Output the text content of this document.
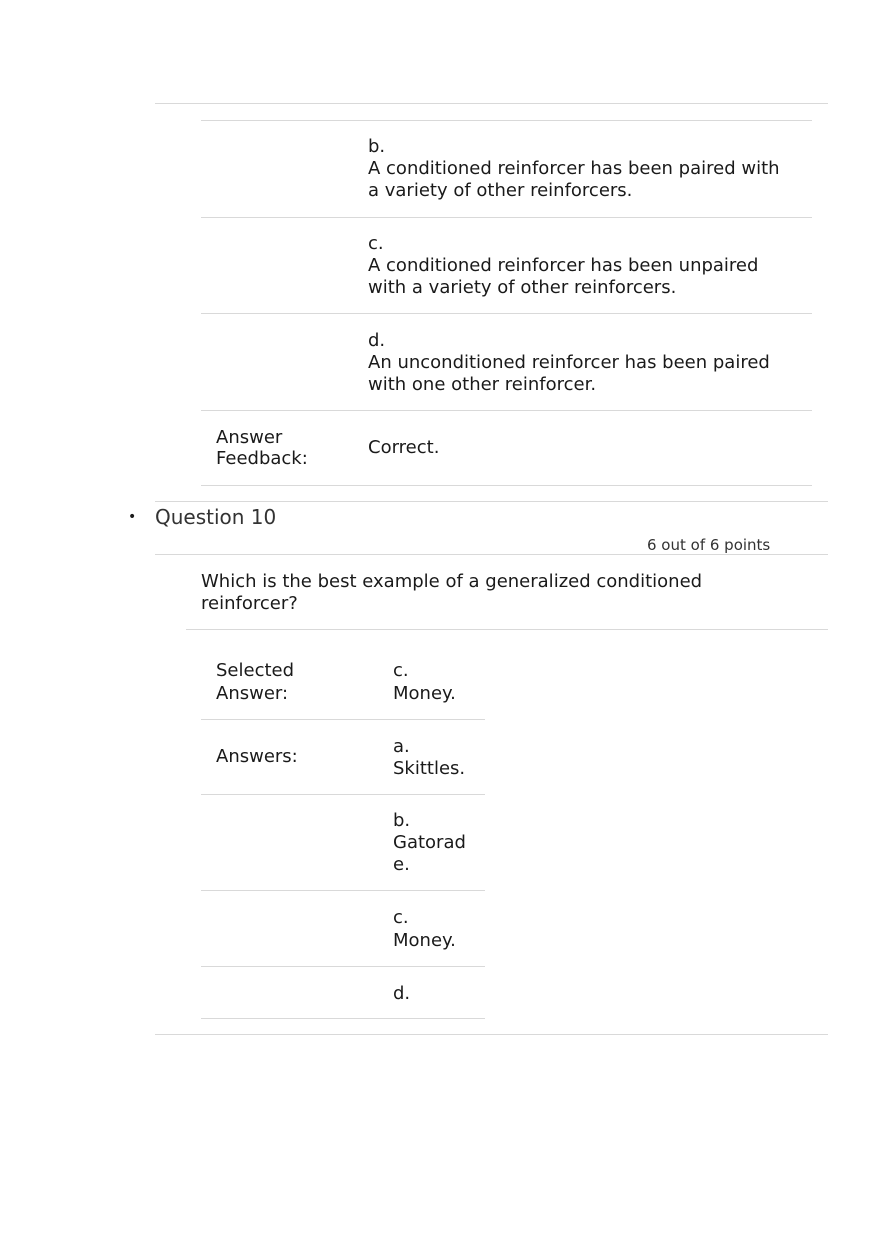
b.
A conditioned reinforcer has been paired with
a variety of other reinforcers.
c.
A conditioned reinforcer has been unpaired
with a variety of other reinforcers.
d.
An unconditioned reinforcer has been paired
with one other reinforcer.
Answer
Feedback:
Correct.
• Question 10
6 out of 6 points
Which is the best example of a generalized conditioned
reinforcer?
Selected
Answer:
c.
Money.
Answers:	a.
Skittles.
b.
Gatorad
e.
c.
Money.
d.
